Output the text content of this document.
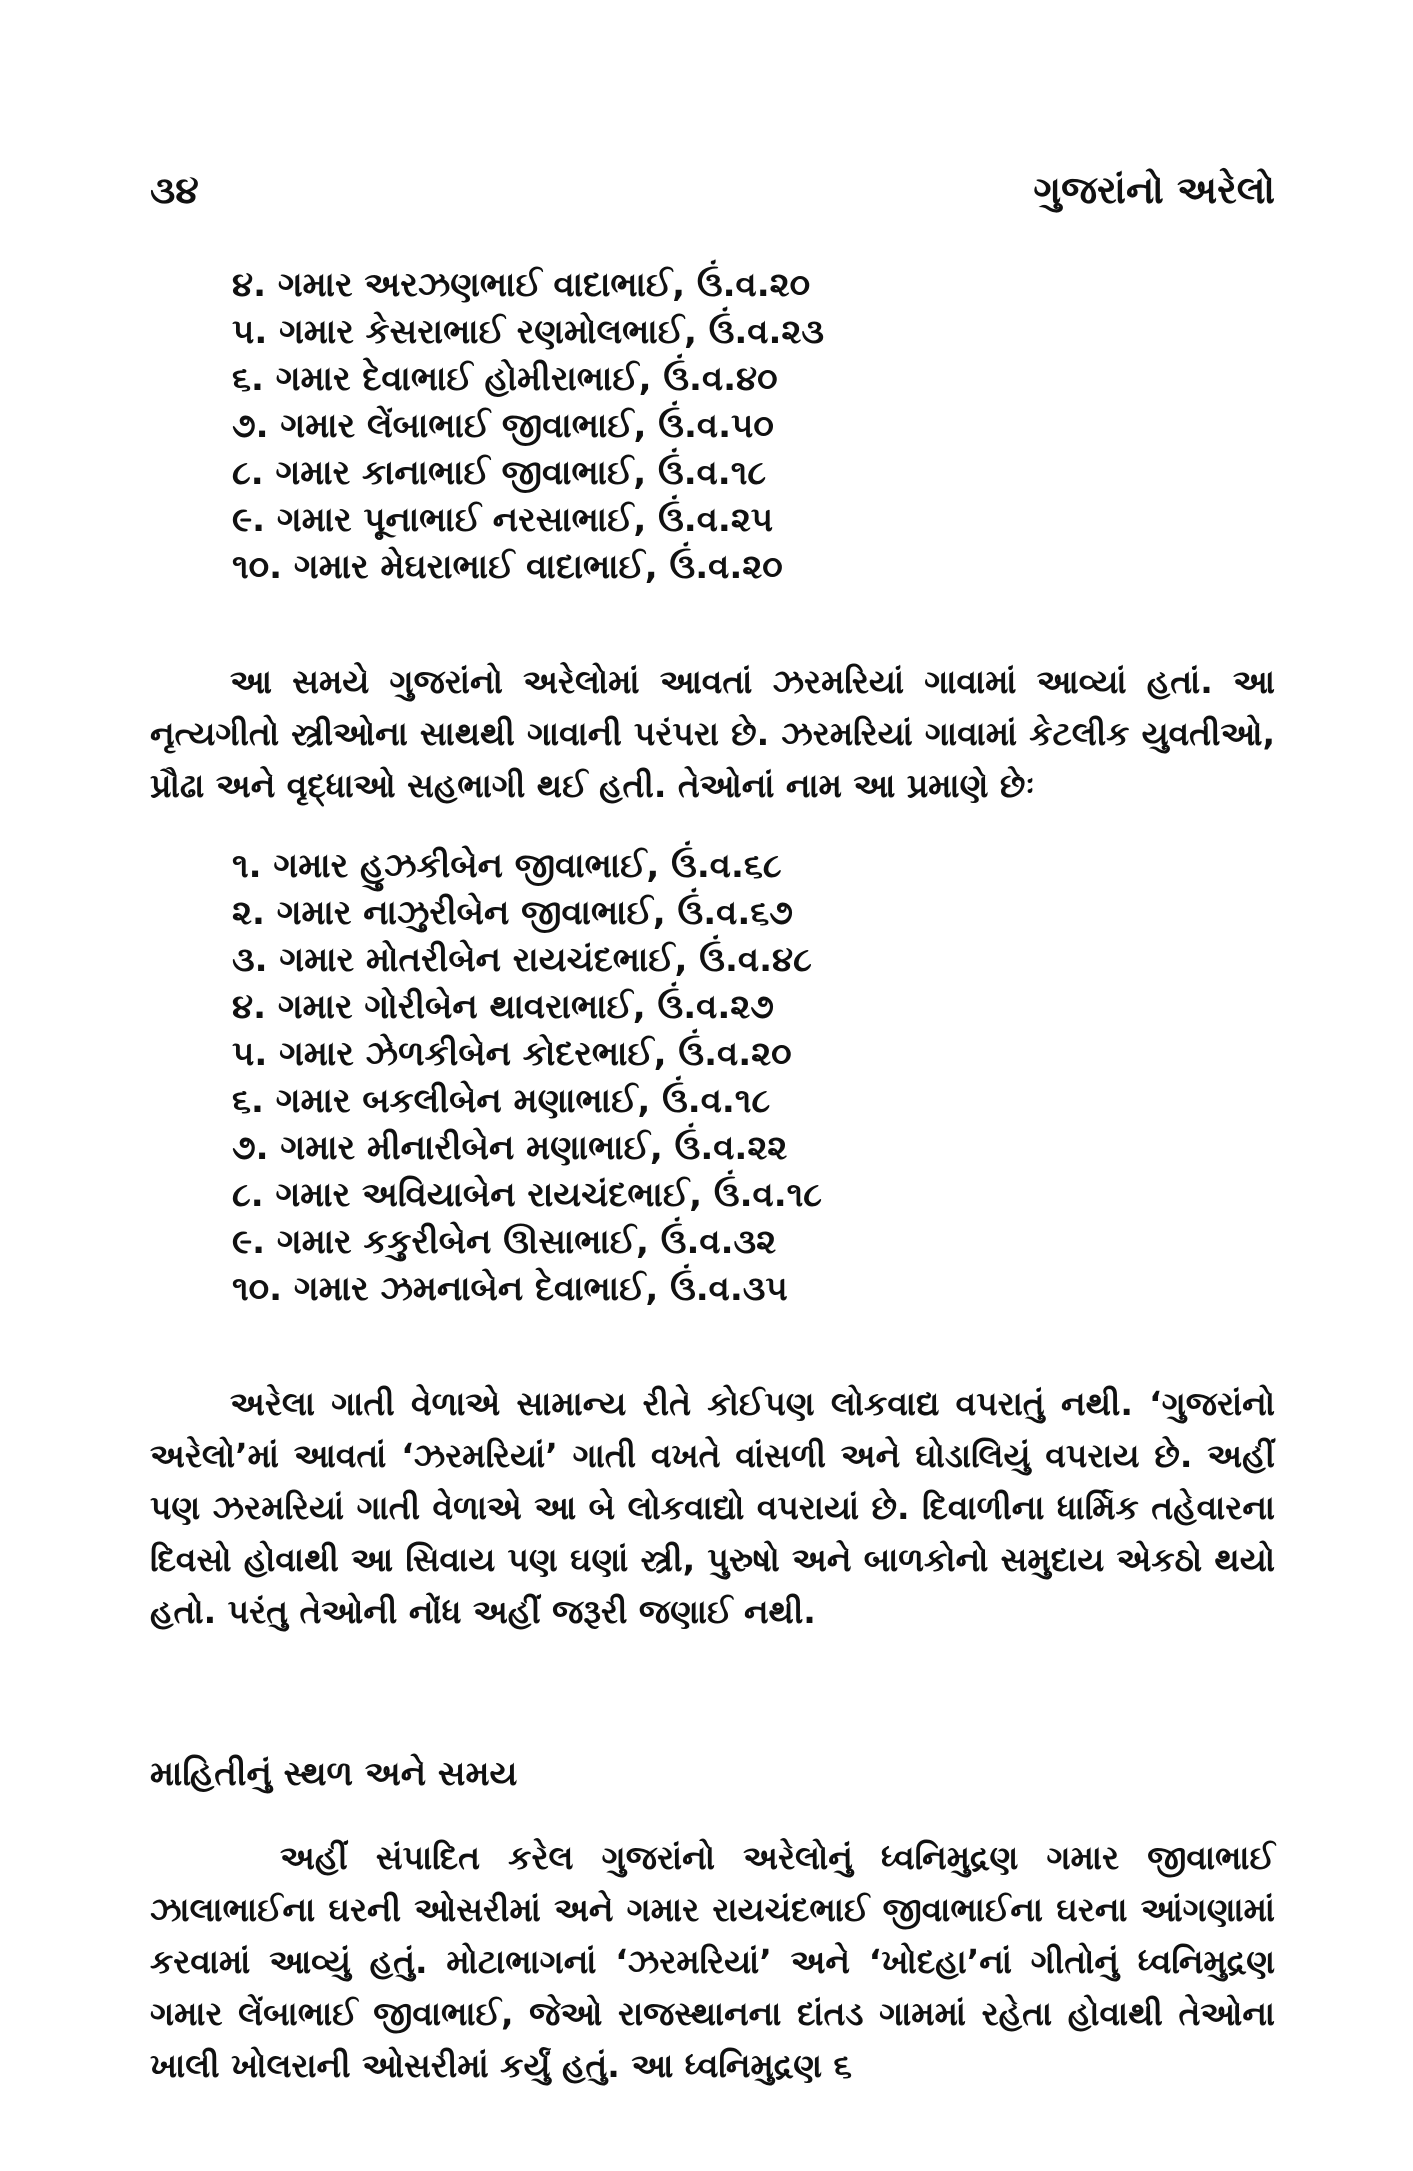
૩૪	ગુજરાંનો અરેલો
૪. ગમાર અરઝણભાઈ વાદાભાઈ, ઉં.વ.૨૦
૫. ગમાર કેસરાભાઈ રણમોલભાઈ, ઉં.વ.૨૩
૬. ગમાર દેવાભાઈ હોમીરાભાઈ, ઉં.વ.૪૦
૭. ગમાર લેંબાભાઈ જીવાભાઈ, ઉં.વ.૫૦
૮. ગમાર કાનાભાઈ જીવાભાઈ, ઉં.વ.૧૮
૯. ગમાર પૂનાભાઈ નરસાભાઈ, ઉં.વ.૨૫
૧૦. ગમાર મેઘરાભાઈ વાદાભાઈ, ઉં.વ.૨૦

આ સમયે ગુજરાંનો અરેલોમાં આવતાં ઝરમરિયાં ગાવામાં આવ્યાં હતાં. આ નૃત્યગીતો સ્ત્રીઓના સાથથી ગાવાની પરંપરા છે. ઝરમરિયાં ગાવામાં કેટલીક યુવતીઓ, પ્રૌઢા અને વૃદ્ધાઓ સહભાગી થઈ હતી. તેઓનાં નામ આ પ્રમાણે છેઃ

૧. ગમાર હુઝકીબેન જીવાભાઈ, ઉં.વ.૬૮
૨. ગમાર નાઝુરીબેન જીવાભાઈ, ઉં.વ.૬૭
૩. ગમાર મોતરીબેન રાયચંદભાઈ, ઉં.વ.૪૮
૪. ગમાર ગોરીબેન થાવરાભાઈ, ઉં.વ.૨૭
૫. ગમાર ઝેળકીબેન કોદરભાઈ, ઉં.વ.૨૦
૬. ગમાર બકલીબેન મણાભાઈ, ઉં.વ.૧૮
૭. ગમાર મીનારીબેન મણાભાઈ, ઉં.વ.૨૨
૮. ગમાર અવિયાબેન રાયચંદભાઈ, ઉં.વ.૧૮
૯. ગમાર કકુરીબેન ઊસાભાઈ, ઉં.વ.૩૨
૧૦. ગમાર ઝમનાબેન દેવાભાઈ, ઉં.વ.૩૫

અરેલા ગાતી વેળાએ સામાન્ય રીતે કોઈપણ લોકવાદ્ય વપરાતું નથી. ‘ગુજરાંનો અરેલો’માં આવતાં ‘ઝરમરિયાં’ ગાતી વખતે વાંસળી અને ઘોડાલિયું વપરાય છે. અહીં પણ ઝરમરિયાં ગાતી વેળાએ આ બે લોકવાદ્યો વપરાયાં છે. દિવાળીના ધાર્મિક તહેવારના દિવસો હોવાથી આ સિવાય પણ ઘણાં સ્ત્રી, પુરુષો અને બાળકોનો સમુદાય એકઠો થયો હતો. પરંતુ તેઓની નોંધ અહીં જરૂરી જણાઈ નથી.

માહિતીનું સ્થળ અને સમય

અહીં સંપાદિત કરેલ ગુજરાંનો અરેલોનું ધ્વનિમુદ્રણ ગમાર જીવાભાઈ ઝાલાભાઈના ઘરની ઓસરીમાં અને ગમાર રાયચંદભાઈ જીવાભાઈના ઘરના આંગણામાં કરવામાં આવ્યું હતું. મોટાભાગનાં ‘ઝરમરિયાં’ અને ‘ખોદહા’નાં ગીતોનું ધ્વનિમુદ્રણ ગમાર લેંબાભાઈ જીવાભાઈ, જેઓ રાજસ્થાનના દાંતડ ગામમાં રહેતા હોવાથી તેઓના ખાલી ખોલરાની ઓસરીમાં કર્યું હતું. આ ધ્વનિમુદ્રણ ૬
